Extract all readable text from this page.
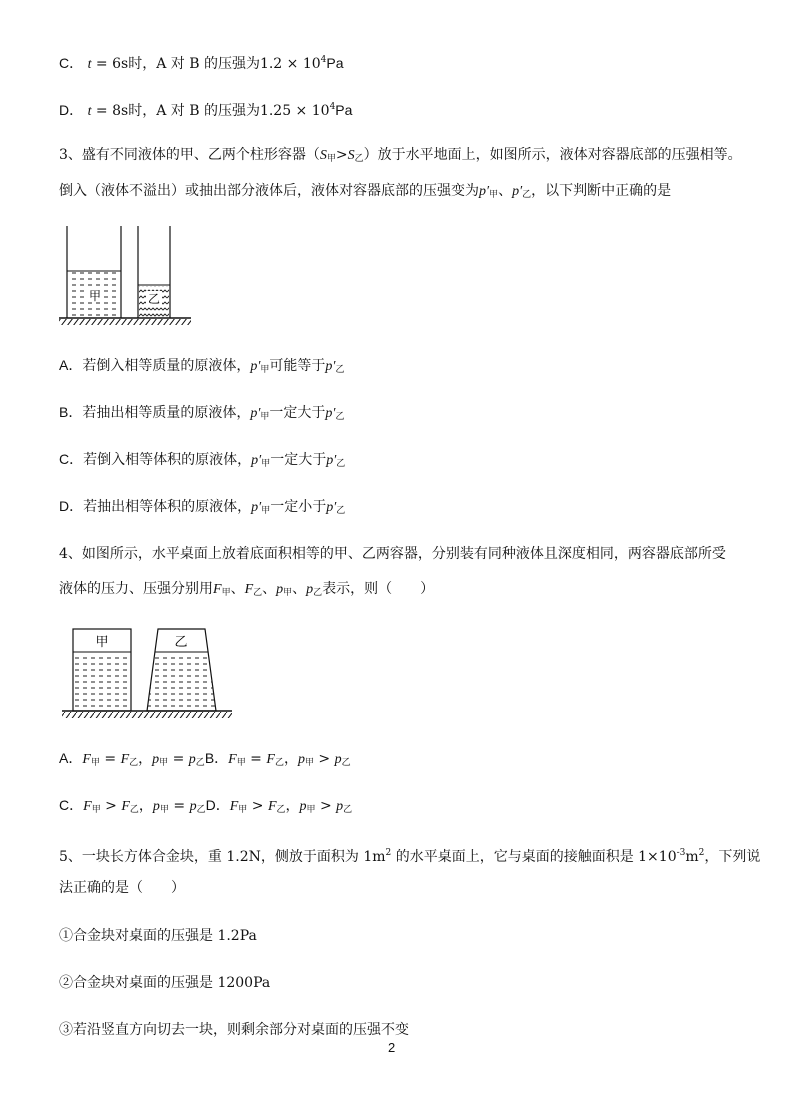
C． t = 6s时，A 对 B 的压强为$1.2 \times 10^4Pa$
D． t = 8s时，A 对 B 的压强为$1.25 \times 10^4Pa$
3、盛有不同液体的甲、乙两个柱形容器$(S_甲>S_乙)$放于水平地面上，如图所示，液体对容器底部的压强相等。
倒入（液体不溢出）或抽出部分液体后，液体对容器底部的压强变为$p'_甲$、$p'_乙$，以下判断中正确的是
甲	乙
A．若倒入相等质量的原液体，$p'_甲$可能等于$p'_乙$
B．若抽出相等质量的原液体，$p'_甲$一定大于$p'_乙$
C．若倒入相等体积的原液体，$p'_甲$一定大于$p'_乙$
D．若抽出相等体积的原液体，$p'_甲$一定小于$p'_乙$
4、如图所示，水平桌面上放着底面积相等的甲、乙两容器，分别装有同种液体且深度相同，两容器底部所受
液体的压力、压强分别用$F_甲$、$F_乙$、$p_甲$、$p_乙$表示，则（　　）
甲	乙
A．$F_甲 = F_乙$，$p_甲 = p_乙B$．$F_甲 = F_乙$，$p_甲 > p_乙$
C．$F_甲 > F_乙$，$p_甲 = p_乙D$．$F_甲 > F_乙$，$p_甲 > p_乙$
5、一块长方体合金块，重 1.2N，侧放于面积为 $1m^2$ 的水平桌面上，它与桌面的接触面积是 $1\times 10^{-3}m^2$，下列说
法正确的是（　　）
①合金块对桌面的压强是 1.2Pa
②合金块对桌面的压强是 1200Pa
③若沿竖直方向切去一块，则剩余部分对桌面的压强不变
2
